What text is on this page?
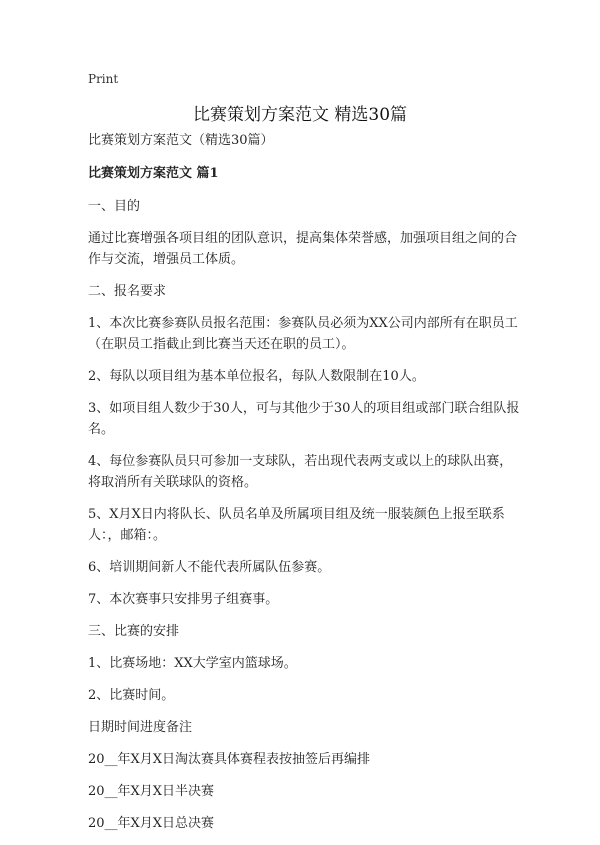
Print
比赛策划方案范文 精选30篇

比赛策划方案范文（精选30篇）

比赛策划方案范文 篇1

一、目的

通过比赛增强各项目组的团队意识，提高集体荣誉感，加强项目组之间的合作与交流，增强员工体质。

二、报名要求

1、本次比赛参赛队员报名范围：参赛队员必须为XX公司内部所有在职员工（在职员工指截止到比赛当天还在职的员工）。

2、每队以项目组为基本单位报名，每队人数限制在10人。

3、如项目组人数少于30人，可与其他少于30人的项目组或部门联合组队报名。

4、每位参赛队员只可参加一支球队，若出现代表两支或以上的球队出赛，将取消所有关联球队的资格。

5、X月X日内将队长、队员名单及所属项目组及统一服装颜色上报至联系人：，邮箱：。

6、培训期间新人不能代表所属队伍参赛。

7、本次赛事只安排男子组赛事。

三、比赛的安排

1、比赛场地：XX大学室内篮球场。

2、比赛时间。

日期时间进度备注

20__年X月X日淘汰赛具体赛程表按抽签后再编排

20__年X月X日半决赛

20__年X月X日总决赛
